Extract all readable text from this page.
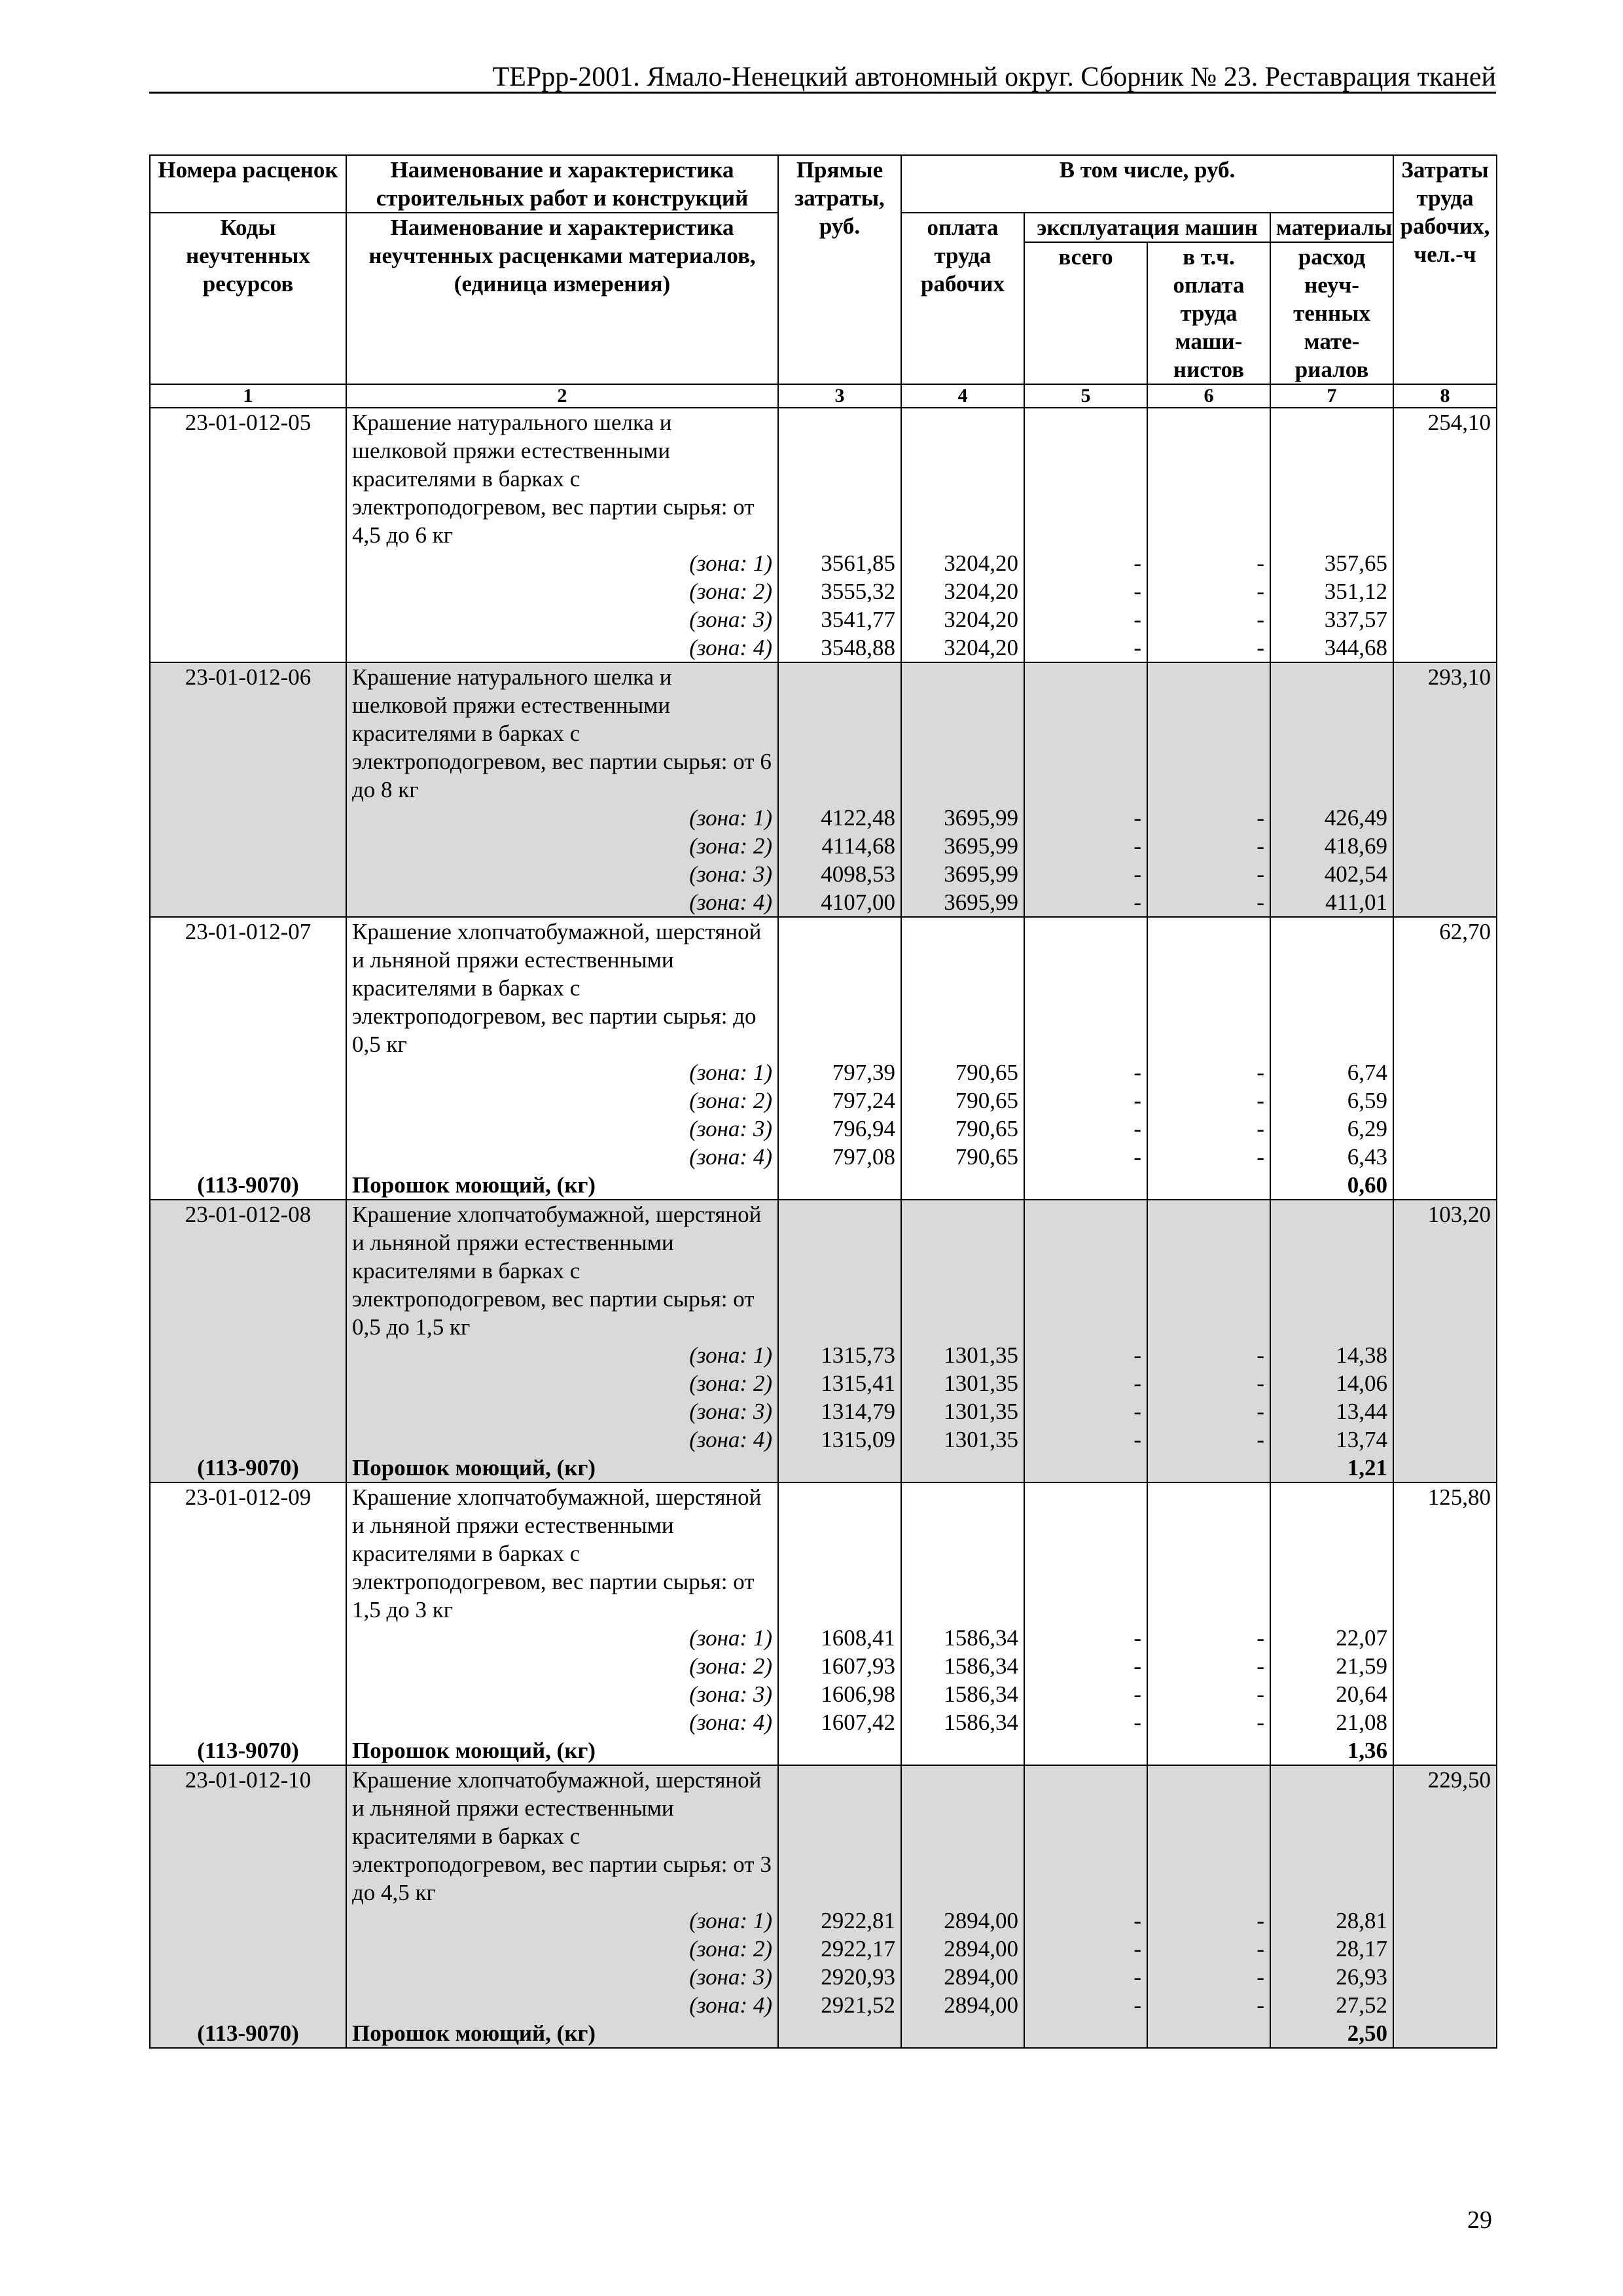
ТЕРрр-2001. Ямало-Ненецкий автономный округ. Сборник № 23. Реставрация тканей
Номера расценок	Наименование и характеристика строительных работ и конструкций	Прямые затраты, руб.	В том числе, руб.				Затраты труда рабочих, чел.-ч
Коды неучтенных ресурсов	Наименование и характеристика неучтенных расценками материалов, (единица измерения)		оплата труда рабочих	эксплуатация машин		материалы	
				всего	в т.ч. оплата труда маши- нистов	расход неуч- тенных мате- риалов	
1	2	3	4	5	6	7	8
23-01-012-05	Крашение натурального шелка и шелковой пряжи естественными красителями в барках с электроподогревом, вес партии сырья: от 4,5 до 6 кг						254,10
	(зона: 1)	3561,85	3204,20	-	-	357,65	
	(зона: 2)	3555,32	3204,20	-	-	351,12	
	(зона: 3)	3541,77	3204,20	-	-	337,57	
	(зона: 4)	3548,88	3204,20	-	-	344,68	
23-01-012-06	Крашение натурального шелка и шелковой пряжи естественными красителями в барках с электроподогревом, вес партии сырья: от 6 до 8 кг						293,10
	(зона: 1)	4122,48	3695,99	-	-	426,49	
	(зона: 2)	4114,68	3695,99	-	-	418,69	
	(зона: 3)	4098,53	3695,99	-	-	402,54	
	(зона: 4)	4107,00	3695,99	-	-	411,01	
23-01-012-07	Крашение хлопчатобумажной, шерстяной и льняной пряжи естественными красителями в барках с электроподогревом, вес партии сырья: до 0,5 кг						62,70
	(зона: 1)	797,39	790,65	-	-	6,74	
	(зона: 2)	797,24	790,65	-	-	6,59	
	(зона: 3)	796,94	790,65	-	-	6,29	
	(зона: 4)	797,08	790,65	-	-	6,43	
(113-9070)	Порошок моющий, (кг)					0,60	
23-01-012-08	Крашение хлопчатобумажной, шерстяной и льняной пряжи естественными красителями в барках с электроподогревом, вес партии сырья: от 0,5 до 1,5 кг						103,20
	(зона: 1)	1315,73	1301,35	-	-	14,38	
	(зона: 2)	1315,41	1301,35	-	-	14,06	
	(зона: 3)	1314,79	1301,35	-	-	13,44	
	(зона: 4)	1315,09	1301,35	-	-	13,74	
(113-9070)	Порошок моющий, (кг)					1,21	
23-01-012-09	Крашение хлопчатобумажной, шерстяной и льняной пряжи естественными красителями в барках с электроподогревом, вес партии сырья: от 1,5 до 3 кг						125,80
	(зона: 1)	1608,41	1586,34	-	-	22,07	
	(зона: 2)	1607,93	1586,34	-	-	21,59	
	(зона: 3)	1606,98	1586,34	-	-	20,64	
	(зона: 4)	1607,42	1586,34	-	-	21,08	
(113-9070)	Порошок моющий, (кг)					1,36	
23-01-012-10	Крашение хлопчатобумажной, шерстяной и льняной пряжи естественными красителями в барках с электроподогревом, вес партии сырья: от 3 до 4,5 кг						229,50
	(зона: 1)	2922,81	2894,00	-	-	28,81	
	(зона: 2)	2922,17	2894,00	-	-	28,17	
	(зона: 3)	2920,93	2894,00	-	-	26,93	
	(зона: 4)	2921,52	2894,00	-	-	27,52	
(113-9070)	Порошок моющий, (кг)					2,50	
29
